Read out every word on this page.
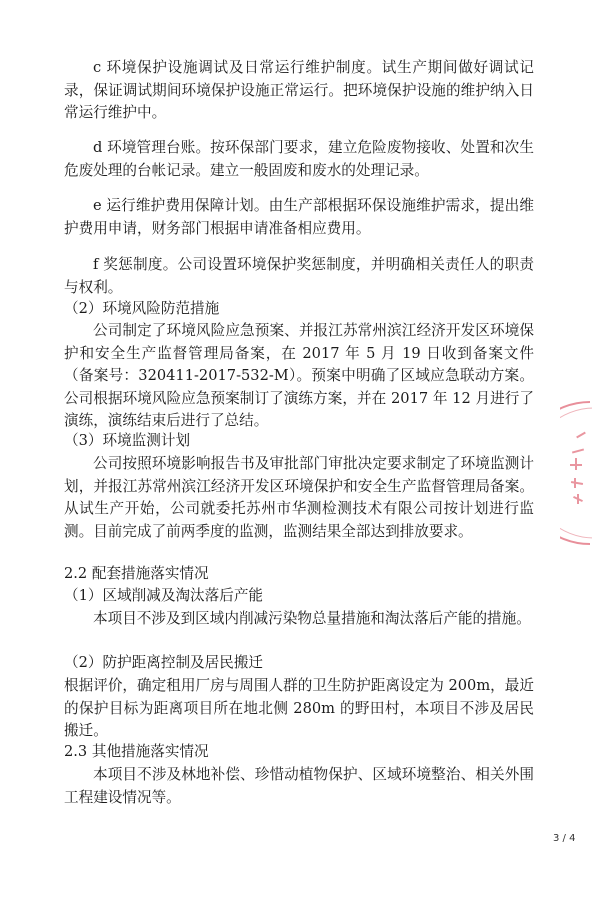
c 环境保护设施调试及日常运行维护制度。试生产期间做好调试记录，保证调试期间环境保护设施正常运行。把环境保护设施的维护纳入日常运行维护中。

d 环境管理台账。按环保部门要求，建立危险废物接收、处置和次生危废处理的台帐记录。建立一般固废和废水的处理记录。

e 运行维护费用保障计划。由生产部根据环保设施维护需求，提出维护费用申请，财务部门根据申请准备相应费用。

f 奖惩制度。公司设置环境保护奖惩制度，并明确相关责任人的职责与权利。

（2）环境风险防范措施

公司制定了环境风险应急预案、并报江苏常州滨江经济开发区环境保护和安全生产监督管理局备案，在 2017 年 5 月 19 日收到备案文件（备案号：320411-2017-532-M）。预案中明确了区域应急联动方案。公司根据环境风险应急预案制订了演练方案，并在 2017 年 12 月进行了演练，演练结束后进行了总结。

（3）环境监测计划

公司按照环境影响报告书及审批部门审批决定要求制定了环境监测计划，并报江苏常州滨江经济开发区环境保护和安全生产监督管理局备案。从试生产开始，公司就委托苏州市华测检测技术有限公司按计划进行监测。目前完成了前两季度的监测，监测结果全部达到排放要求。

2.2 配套措施落实情况

（1）区域削减及淘汰落后产能

本项目不涉及到区域内削减污染物总量措施和淘汰落后产能的措施。

（2）防护距离控制及居民搬迁

根据评价，确定租用厂房与周围人群的卫生防护距离设定为 200m，最近的保护目标为距离项目所在地北侧 280m 的野田村，本项目不涉及居民搬迁。

2.3 其他措施落实情况

本项目不涉及林地补偿、珍惜动植物保护、区域环境整治、相关外围工程建设情况等。

3 / 4
